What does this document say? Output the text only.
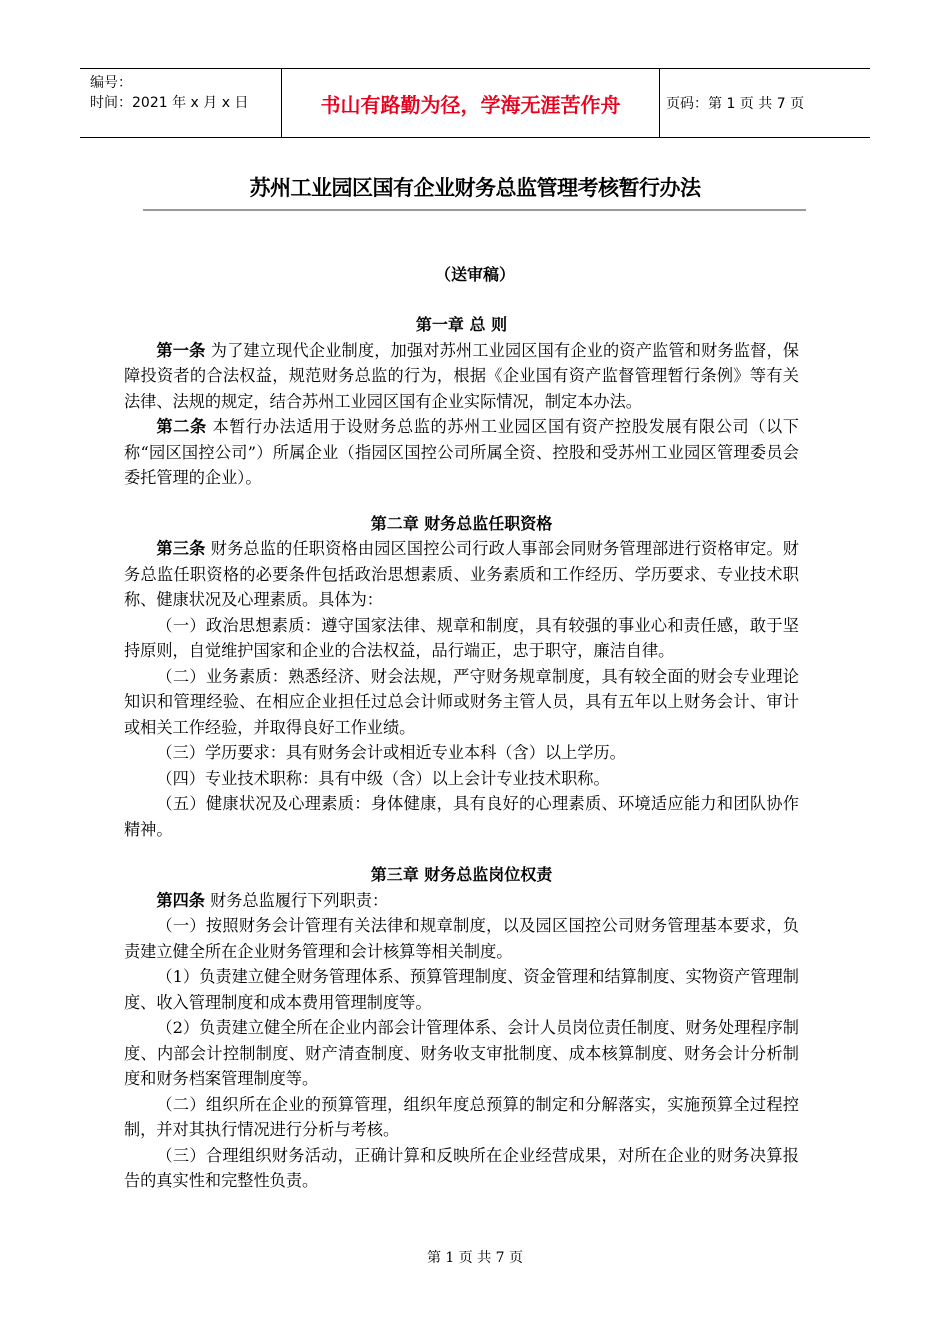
编号：
时间：2021 年 x 月 x 日	书山有路勤为径，学海无涯苦作舟	页码：第 1 页 共 7 页
苏州工业园区国有企业财务总监管理考核暂行办法
（送审稿）
第一章 总 则

第一条 为了建立现代企业制度，加强对苏州工业园区国有企业的资产监管和财务监督，保障投资者的合法权益，规范财务总监的行为，根据《企业国有资产监督管理暂行条例》等有关法律、法规的规定，结合苏州工业园区国有企业实际情况，制定本办法。

第二条 本暂行办法适用于设财务总监的苏州工业园区国有资产控股发展有限公司（以下称“园区国控公司”）所属企业（指园区国控公司所属全资、控股和受苏州工业园区管理委员会委托管理的企业）。

第二章 财务总监任职资格

第三条 财务总监的任职资格由园区国控公司行政人事部会同财务管理部进行资格审定。财务总监任职资格的必要条件包括政治思想素质、业务素质和工作经历、学历要求、专业技术职称、健康状况及心理素质。具体为：

（一）政治思想素质：遵守国家法律、规章和制度，具有较强的事业心和责任感，敢于坚持原则，自觉维护国家和企业的合法权益，品行端正，忠于职守，廉洁自律。

（二）业务素质：熟悉经济、财会法规，严守财务规章制度，具有较全面的财会专业理论知识和管理经验、在相应企业担任过总会计师或财务主管人员，具有五年以上财务会计、审计或相关工作经验，并取得良好工作业绩。

（三）学历要求：具有财务会计或相近专业本科（含）以上学历。

（四）专业技术职称：具有中级（含）以上会计专业技术职称。

（五）健康状况及心理素质：身体健康，具有良好的心理素质、环境适应能力和团队协作精神。

第三章 财务总监岗位权责

第四条 财务总监履行下列职责：

（一）按照财务会计管理有关法律和规章制度，以及园区国控公司财务管理基本要求，负责建立健全所在企业财务管理和会计核算等相关制度。

（1）负责建立健全财务管理体系、预算管理制度、资金管理和结算制度、实物资产管理制度、收入管理制度和成本费用管理制度等。

（2）负责建立健全所在企业内部会计管理体系、会计人员岗位责任制度、财务处理程序制度、内部会计控制制度、财产清查制度、财务收支审批制度、成本核算制度、财务会计分析制度和财务档案管理制度等。

（二）组织所在企业的预算管理，组织年度总预算的制定和分解落实，实施预算全过程控制，并对其执行情况进行分析与考核。

（三）合理组织财务活动，正确计算和反映所在企业经营成果，对所在企业的财务决算报告的真实性和完整性负责。

第 1 页 共 7 页
